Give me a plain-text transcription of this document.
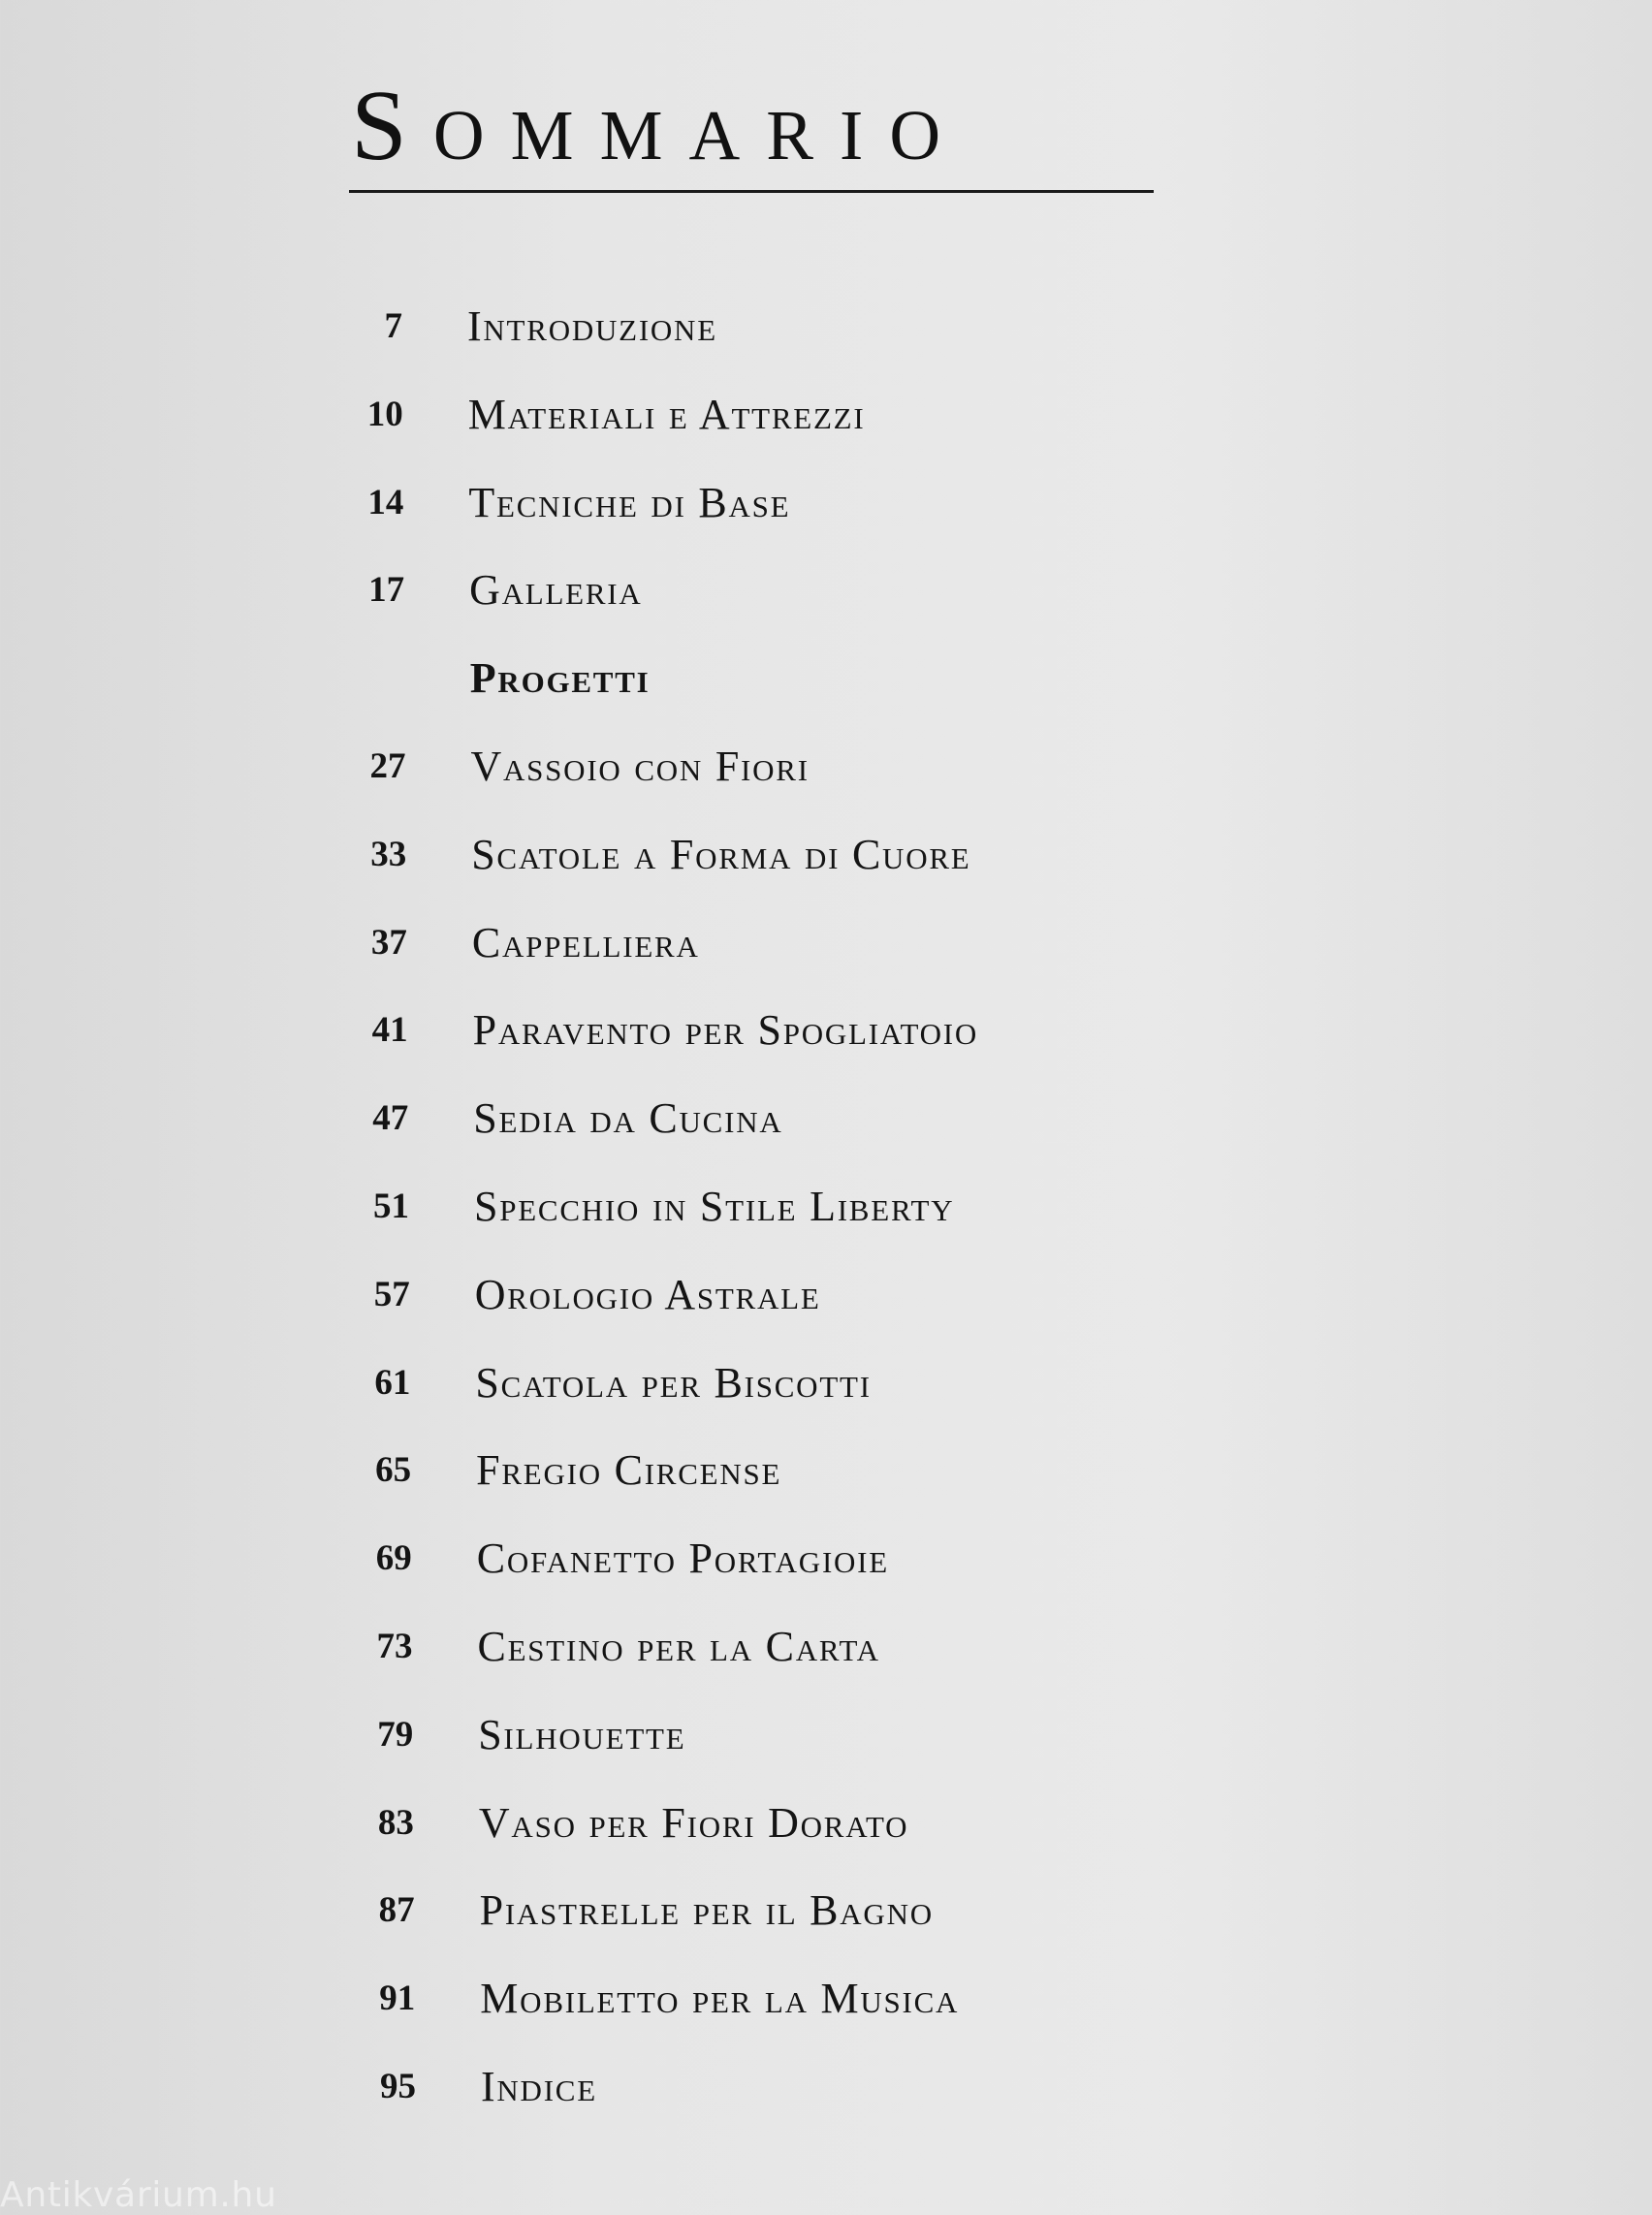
Sommario
7 Introduzione
10 Materiali e Attrezzi
14 Tecniche di Base
17 Galleria
Progetti
27 Vassoio con Fiori
33 Scatole a Forma di Cuore
37 Cappelliera
41 Paravento per Spogliatoio
47 Sedia da Cucina
51 Specchio in Stile Liberty
57 Orologio Astrale
61 Scatola per Biscotti
65 Fregio Circense
69 Cofanetto Portagioie
73 Cestino per la Carta
79 Silhouette
83 Vaso per Fiori Dorato
87 Piastrelle per il Bagno
91 Mobiletto per la Musica
95 Indice
Antikvárium.hu
